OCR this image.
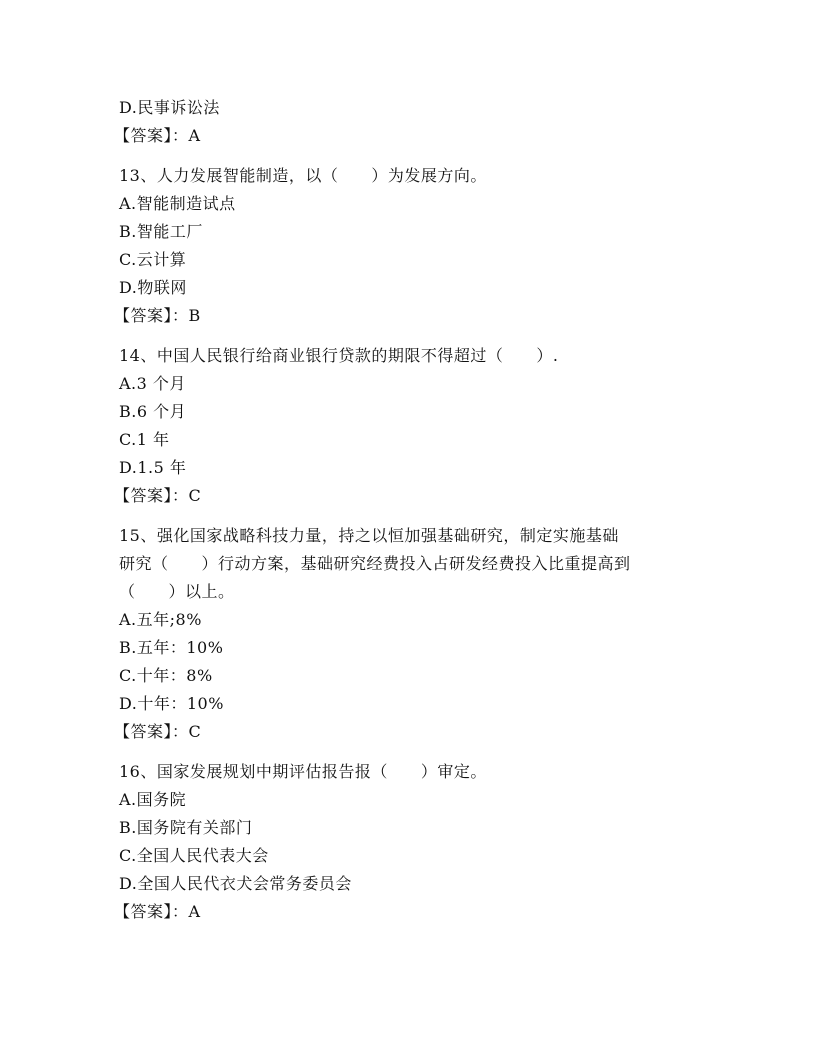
D.民事诉讼法
【答案】：A
13、人力发展智能制造，以（　　）为发展方向。
A.智能制造试点
B.智能工厂
C.云计算
D.物联网
【答案】：B
14、中国人民银行给商业银行贷款的期限不得超过（　　）.
A.3 个月
B.6 个月
C.1 年
D.1.5 年
【答案】：C
15、强化国家战略科技力量，持之以恒加强基础研究，制定实施基础
研究（　　）行动方案，基础研究经费投入占研发经费投入比重提高到
（　　）以上。
A.五年;8%
B.五年：10%
C.十年：8%
D.十年：10%
【答案】：C
16、国家发展规划中期评估报告报（　　）审定。
A.国务院
B.国务院有关部门
C.全国人民代表大会
D.全国人民代衣犬会常务委员会
【答案】：A
